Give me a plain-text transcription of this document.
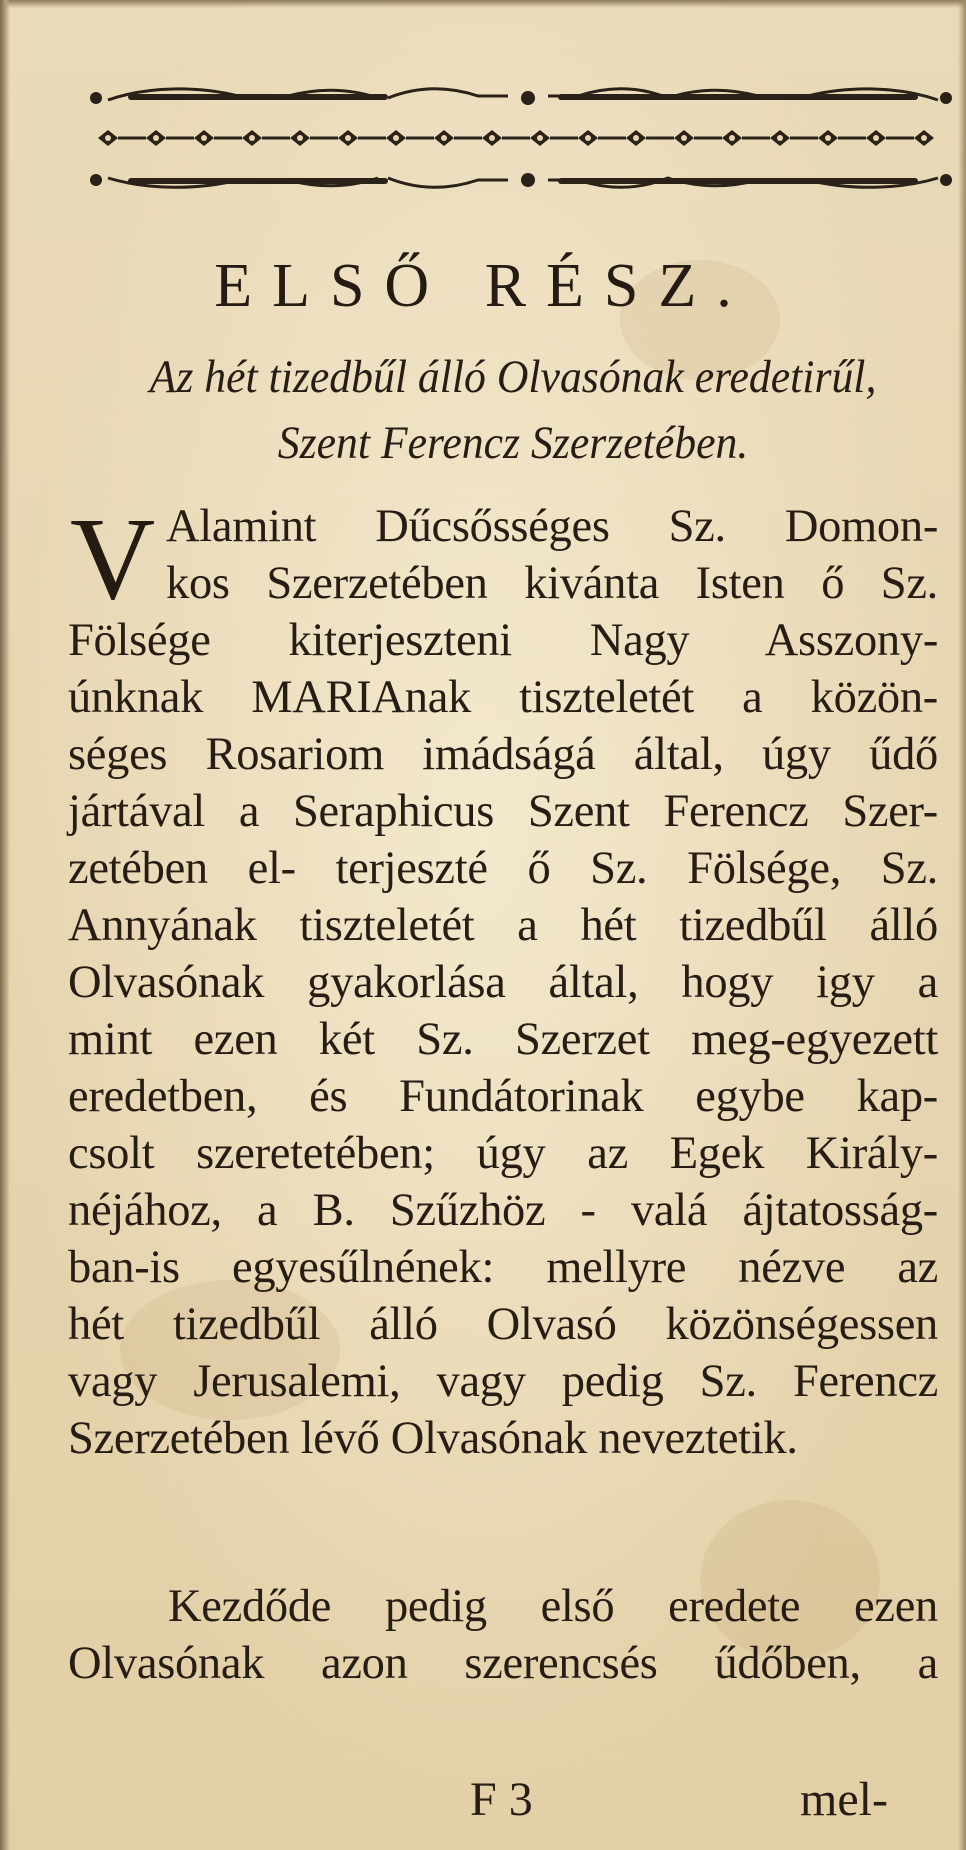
ELSŐ RÉSZ.
Az hét tizedbűl álló Olvasónak eredetirűl,
Szent Ferencz Szerzetében.
V Alamint Dűcsősséges Sz. Domon-
kos Szerzetében kivánta Isten ő Sz.
Fölsége kiterjeszteni Nagy Asszony-
únknak MARIAnak tiszteletét a közön-
séges Rosariom imádságá által, úgy űdő
jártával a Seraphicus Szent Ferencz Szer-
zetében el- terjeszté ő Sz. Fölsége, Sz.
Annyának tiszteletét a hét tizedbűl álló
Olvasónak gyakorlása által, hogy igy a
mint ezen két Sz. Szerzet meg-egyezett
eredetben, és Fundátorinak egybe kap-
csolt szeretetében; úgy az Egek Király-
néjához, a B. Szűzhöz - valá ájtatosság-
ban-is egyesűlnének: mellyre nézve az
hét tizedbűl álló Olvasó közönségessen
vagy Jerusalemi, vagy pedig Sz. Ferencz
Szerzetében lévő Olvasónak neveztetik.
Kezdőde pedig első eredete ezen
Olvasónak azon szerencsés űdőben, a
F 3	mel-
